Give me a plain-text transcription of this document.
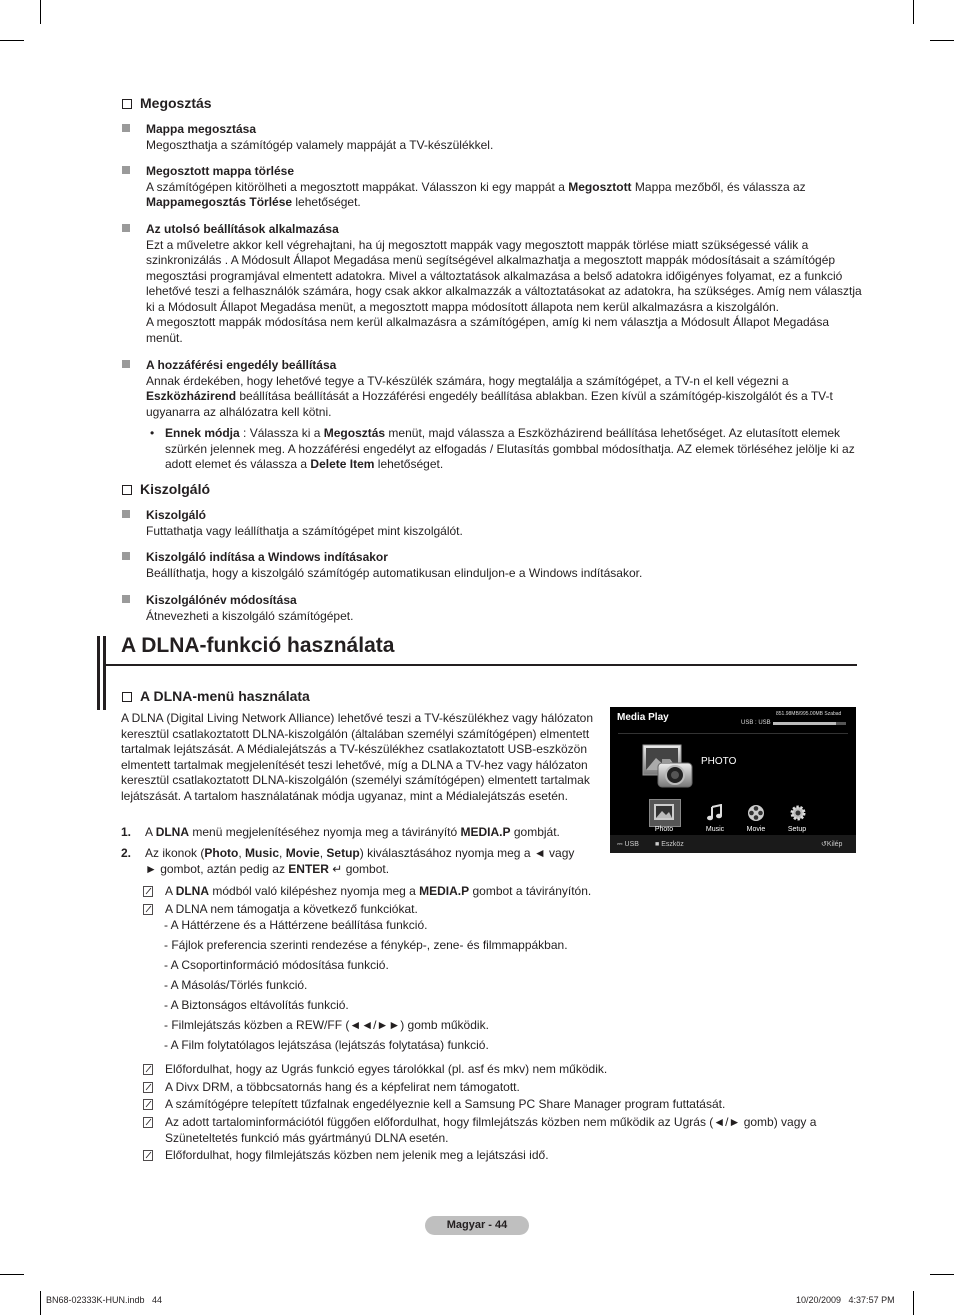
Megosztás
Mappa megosztása

Megoszthatja a számítógép valamely mappáját a TV-készülékkel.

Megosztott mappa törlése

A számítógépen kitörölheti a megosztott mappákat. Válasszon ki egy mappát a Megosztott Mappa mezőből, és válassza az Mappamegosztás Törlése lehetőséget.

Az utolsó beállítások alkalmazása

Ezt a műveletre akkor kell végrehajtani, ha új megosztott mappák vagy megosztott mappák törlése miatt szükségessé válik a szinkronizálás . A Módosult Állapot Megadása menü segítségével alkalmazhatja a megosztott mappák módosításait a számítógép megosztási programjával elmentett adatokra. Mivel a változtatások alkalmazása a belső adatokra időigényes folyamat, ez a funkció lehetővé teszi a felhasználók számára, hogy csak akkor alkalmazzák a változtatásokat az adatokra, ha szükséges. Amíg nem választja ki a Módosult Állapot Megadása menüt, a megosztott mappa módosított állapota nem kerül alkalmazásra a kiszolgálón.

A megosztott mappák módosítása nem kerül alkalmazásra a számítógépen, amíg ki nem választja a Módosult Állapot Megadása menüt.

A hozzáférési engedély beállítása

Annak érdekében, hogy lehetővé tegye a TV-készülék számára, hogy megtalálja a számítógépet, a TV-n el kell végezni a Eszközházirend beállítása beállítását a Hozzáférési engedély beállítása ablakban. Ezen kívül a számítógép-kiszolgálót és a TV-t ugyanarra az alhálózatra kell kötni.

• Ennek módja : Válassza ki a Megosztás menüt, majd válassza a Eszközházirend beállítása lehetőséget. Az elutasított elemek szürkén jelennek meg. A hozzáférési engedélyt az elfogadás / Elutasítás gombbal módosíthatja. AZ elemek törléséhez jelölje ki az adott elemet és válassza a Delete Item lehetőséget.
Kiszolgáló
Kiszolgáló

Futtathatja vagy leállíthatja a számítógépet mint kiszolgálót.

Kiszolgáló indítása a Windows indításakor

Beállíthatja, hogy a kiszolgáló számítógép automatikusan elinduljon-e a Windows indításakor.

Kiszolgálónév módosítása

Átnevezheti a kiszolgáló számítógépet.

A DLNA-funkció használata
A DLNA-menü használata
A DLNA (Digital Living Network Alliance) lehetővé teszi a TV-készülékhez vagy hálózaton keresztül csatlakoztatott DLNA-kiszolgálón (általában személyi számítógépen) elmentett tartalmak lejátszását. A Médialejátszás a TV-készülékhez csatlakoztatott USB-eszközön elmentett tartalmak megjelenítését teszi lehetővé, míg a DLNA a TV-hez vagy hálózaton keresztül csatlakoztatott DLNA-kiszolgálón (személyi számítógépen) elmentett tartalmak lejátszását. A tartalom használatának módja ugyanaz, mint a Médialejátszás esetén.
1. A DLNA menü megjelenítéséhez nyomja meg a távirányító MEDIA.P gombját.
2. Az ikonok (Photo, Music, Movie, Setup) kiválasztásához nyomja meg a ◄ vagy ► gombot, aztán pedig az ENTER ↵ gombot.
A DLNA módból való kilépéshez nyomja meg a MEDIA.P gombot a távirányítón.
A DLNA nem támogatja a következő funkciókat.
- A Háttérzene és a Háttérzene beállítása funkció.
- Fájlok preferencia szerinti rendezése a fénykép-, zene- és filmmappákban.
- A Csoportinformáció módosítása funkció.
- A Másolás/Törlés funkció.
- A Biztonságos eltávolítás funkció.
- Filmlejátszás közben a REW/FF (◄◄/►►) gomb működik.
- A Film folytatólagos lejátszása (lejátszás folytatása) funkció.
Előfordulhat, hogy az Ugrás funkció egyes tárolókkal (pl. asf és mkv) nem működik.
A Divx DRM, a többcsatornás hang és a képfelirat nem támogatott.
A számítógépre telepített tűzfalnak engedélyeznie kell a Samsung PC Share Manager program futtatását.
Az adott tartalominformációtól függően előfordulhat, hogy filmlejátszás közben nem működik az Ugrás (◄/► gomb) vagy a Szüneteltetés funkció más gyártmányú DLNA esetén.
Előfordulhat, hogy filmlejátszás közben nem jelenik meg a lejátszási idő.
Media Play	851.98MB/995.00MB Szabad
USB : USB
PHOTO
Photo	Music	Movie	Setup
⎓ USB ■ Eszköz	↺Kilép
Magyar - 44
BN68-02333K-HUN.indb   44	10/20/2009   4:37:57 PM
